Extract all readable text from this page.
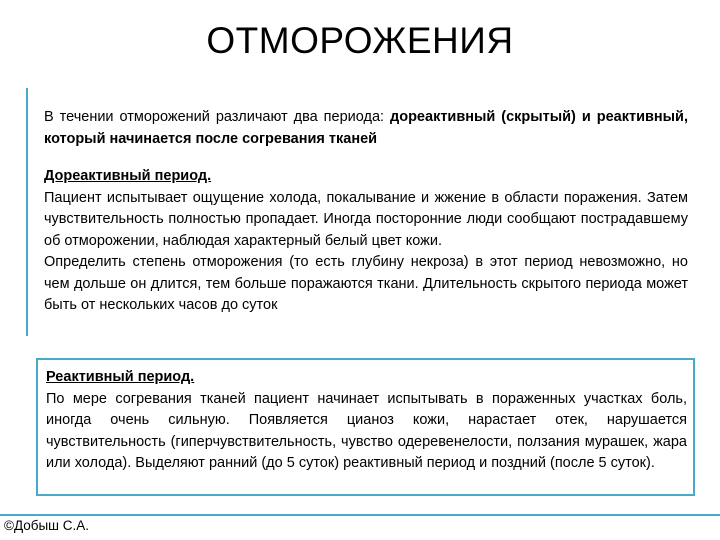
ОТМОРОЖЕНИЯ
В течении отморожений различают два периода: дореактивный (скрытый) и реактивный, который начинается после согревания тканей
Дореактивный период.
Пациент испытывает ощущение холода, покалывание и жжение в области поражения. Затем чувствительность полностью пропадает. Иногда посторонние люди сообщают пострадавшему об отморожении, наблюдая характерный белый цвет кожи.
Определить степень отморожения (то есть глубину некроза) в этот период невозможно, но чем дольше он длится, тем больше поражаются ткани. Длительность скрытого периода может быть от нескольких часов до суток
Реактивный период.
По мере согревания тканей пациент начинает испытывать в пораженных участках боль, иногда очень сильную. Появляется цианоз кожи, нарастает отек, нарушается чувствительность (гиперчувствительность, чувство одеревенелости, ползания мурашек, жара или холода). Выделяют ранний (до 5 суток) реактивный период и поздний (после 5 суток).
©Добыш С.А.
